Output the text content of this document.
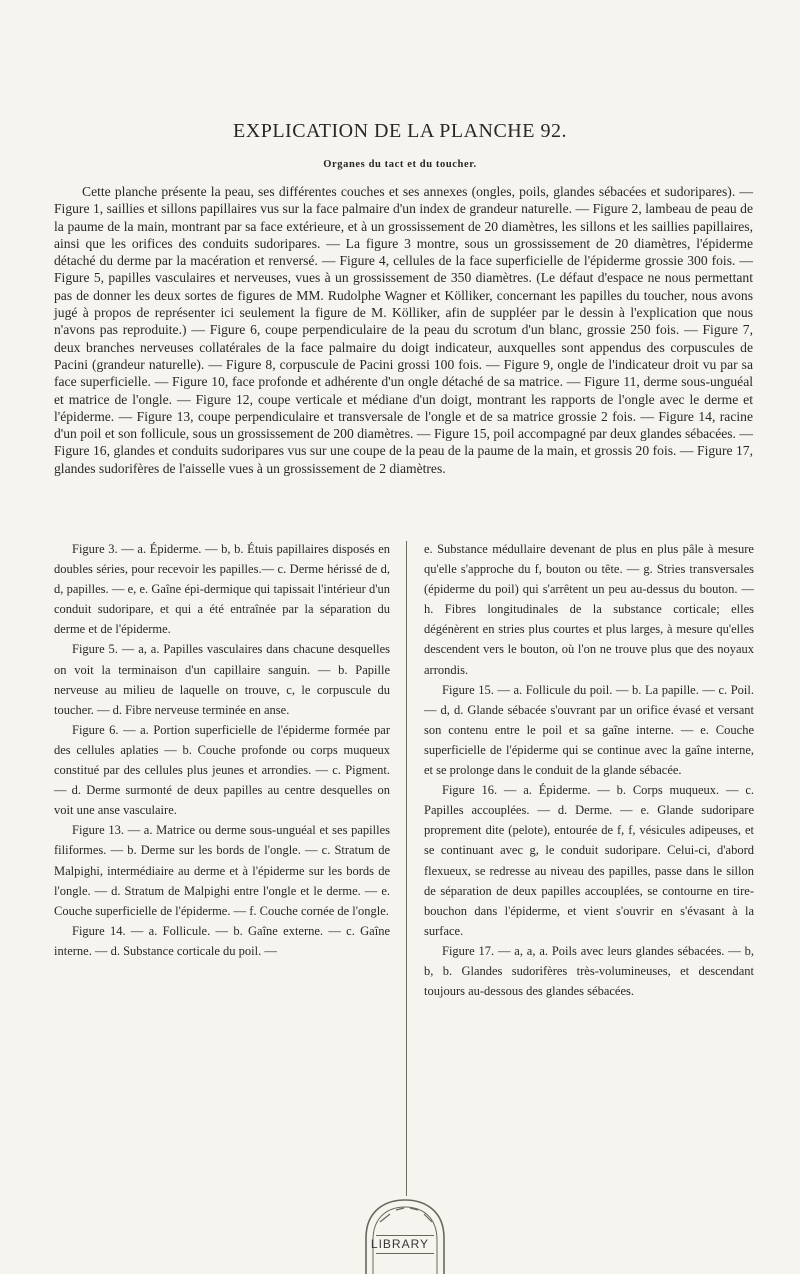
EXPLICATION DE LA PLANCHE 92.
Organes du tact et du toucher.

Cette planche présente la peau, ses différentes couches et ses annexes (ongles, poils, glandes sébacées et sudoripares). — Figure 1, saillies et sillons papillaires vus sur la face palmaire d'un index de grandeur naturelle. — Figure 2, lambeau de peau de la paume de la main, montrant par sa face extérieure, et à un grossissement de 20 diamètres, les sillons et les saillies papillaires, ainsi que les orifices des conduits sudoripares. — La figure 3 montre, sous un grossissement de 20 diamètres, l'épiderme détaché du derme par la macération et renversé. — Figure 4, cellules de la face superficielle de l'épiderme grossie 300 fois. — Figure 5, papilles vasculaires et nerveuses, vues à un grossissement de 350 diamètres. (Le défaut d'espace ne nous permettant pas de donner les deux sortes de figures de MM. Rudolphe Wagner et Kölliker, concernant les papilles du toucher, nous avons jugé à propos de représenter ici seulement la figure de M. Kölliker, afin de suppléer par le dessin à l'explication que nous n'avons pas reproduite.) — Figure 6, coupe perpendiculaire de la peau du scrotum d'un blanc, grossie 250 fois. — Figure 7, deux branches nerveuses collatérales de la face palmaire du doigt indicateur, auxquelles sont appendus des corpuscules de Pacini (grandeur naturelle). — Figure 8, corpuscule de Pacini grossi 100 fois. — Figure 9, ongle de l'indicateur droit vu par sa face superficielle. — Figure 10, face profonde et adhérente d'un ongle détaché de sa matrice. — Figure 11, derme sous-unguéal et matrice de l'ongle. — Figure 12, coupe verticale et médiane d'un doigt, montrant les rapports de l'ongle avec le derme et l'épiderme. — Figure 13, coupe perpendiculaire et transversale de l'ongle et de sa matrice grossie 2 fois. — Figure 14, racine d'un poil et son follicule, sous un grossissement de 200 diamètres. — Figure 15, poil accompagné par deux glandes sébacées. — Figure 16, glandes et conduits sudoripares vus sur une coupe de la peau de la paume de la main, et grossis 20 fois. — Figure 17, glandes sudorifères de l'aisselle vues à un grossissement de 2 diamètres.

Figure 3. — a. Épiderme. — b, b. Étuis papillaires disposés en doubles séries, pour recevoir les papilles.— c. Derme hérissé de d, d, papilles. — e, e. Gaîne épi-dermique qui tapissait l'intérieur d'un conduit sudoripare, et qui a été entraînée par la séparation du derme et de l'épiderme.

Figure 5. — a, a. Papilles vasculaires dans chacune desquelles on voit la terminaison d'un capillaire sanguin. — b. Papille nerveuse au milieu de laquelle on trouve, c, le corpuscule du toucher. — d. Fibre nerveuse terminée en anse.

Figure 6. — a. Portion superficielle de l'épiderme formée par des cellules aplaties — b. Couche profonde ou corps muqueux constitué par des cellules plus jeunes et arrondies. — c. Pigment. — d. Derme surmonté de deux papilles au centre desquelles on voit une anse vasculaire.

Figure 13. — a. Matrice ou derme sous-unguéal et ses papilles filiformes. — b. Derme sur les bords de l'ongle. — c. Stratum de Malpighi, intermédiaire au derme et à l'épiderme sur les bords de l'ongle. — d. Stratum de Malpighi entre l'ongle et le derme. — e. Couche superficielle de l'épiderme. — f. Couche cornée de l'ongle.

Figure 14. — a. Follicule. — b. Gaîne externe. — c. Gaîne interne. — d. Substance corticale du poil. —

e. Substance médullaire devenant de plus en plus pâle à mesure qu'elle s'approche du f, bouton ou tête. — g. Stries transversales (épiderme du poil) qui s'arrêtent un peu au-dessus du bouton. — h. Fibres longitudinales de la substance corticale; elles dégénèrent en stries plus courtes et plus larges, à mesure qu'elles descendent vers le bouton, où l'on ne trouve plus que des noyaux arrondis.

Figure 15. — a. Follicule du poil. — b. La papille. — c. Poil. — d, d. Glande sébacée s'ouvrant par un orifice évasé et versant son contenu entre le poil et sa gaîne interne. — e. Couche superficielle de l'épiderme qui se continue avec la gaîne interne, et se prolonge dans le conduit de la glande sébacée.

Figure 16. — a. Épiderme. — b. Corps muqueux. — c. Papilles accouplées. — d. Derme. — e. Glande sudoripare proprement dite (pelote), entourée de f, f, vésicules adipeuses, et se continuant avec g, le conduit sudoripare. Celui-ci, d'abord flexueux, se redresse au niveau des papilles, passe dans le sillon de séparation de deux papilles accouplées, se contourne en tire-bouchon dans l'épiderme, et vient s'ouvrir en s'évasant à la surface.

Figure 17. — a, a, a. Poils avec leurs glandes sébacées. — b, b, b. Glandes sudorifères très-volumineuses, et descendant toujours au-dessous des glandes sébacées.

LIBRARY
